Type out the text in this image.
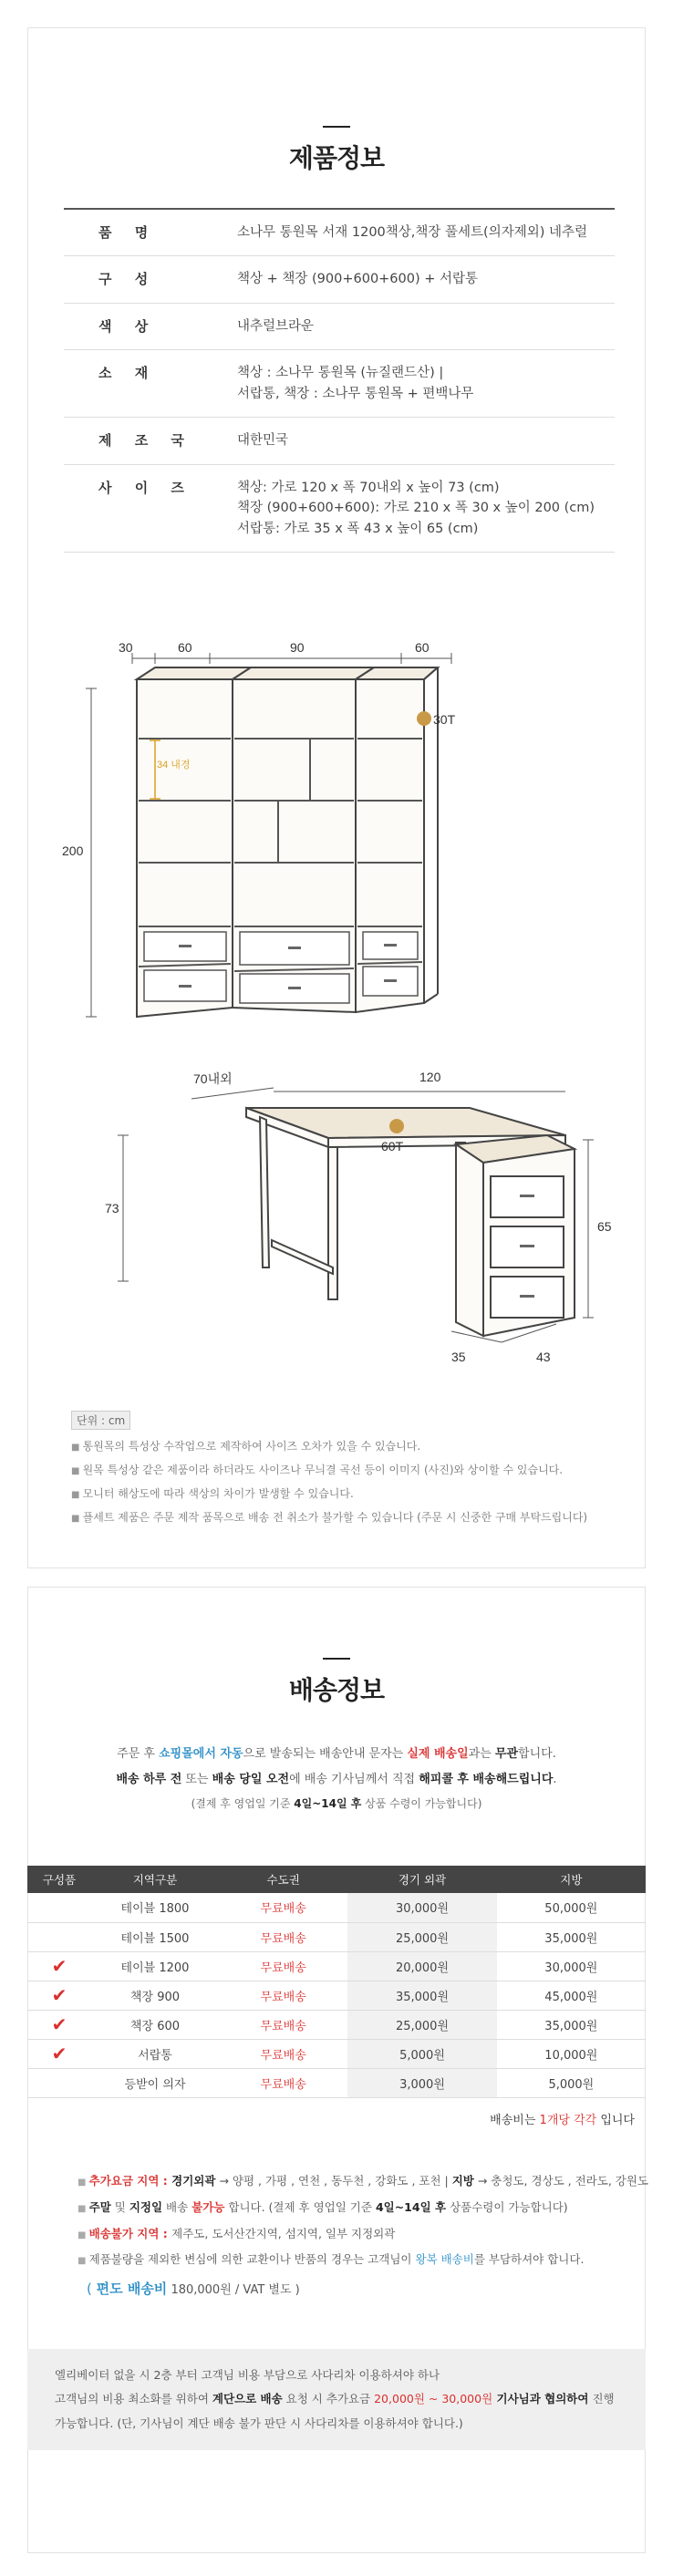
제품정보
품 명	소나무 통원목 서재 1200책상,책장 풀세트(의자제외) 네추럴
구 성	책상 + 책장 (900+600+600) + 서랍통
색 상	내추럴브라운
소 재	책상 : 소나무 통원목 (뉴질랜드산) |
서랍통, 책장 : 소나무 통원목 + 편백나무
제 조 국	대한민국
사 이 즈	책상: 가로 120 x 폭 70내외 x 높이 73 (cm)
책장 (900+600+600): 가로 210 x 폭 30 x 높이 200 (cm)
서랍통: 가로 35 x 폭 43 x 높이 65 (cm)
30	60	90	60
200
34 내경
30T
70내외	120
73
65
35	43
60T
단위 : cm
■ 통원목의 특성상 수작업으로 제작하여 사이즈 오차가 있을 수 있습니다.
■ 원목 특성상 같은 제품이라 하더라도 사이즈나 무늬결 곡선 등이 이미지 (사진)와 상이할 수 있습니다.
■ 모니터 해상도에 따라 색상의 차이가 발생할 수 있습니다.
■ 플세트 제품은 주문 제작 품목으로 배송 전 취소가 불가할 수 있습니다 (주문 시 신중한 구매 부탁드립니다)
배송정보
주문 후 쇼핑몰에서 자동으로 발송되는 배송안내 문자는 실제 배송일과는 무관합니다.
배송 하루 전 또는 배송 당일 오전에 배송 기사님께서 직접 해피콜 후 배송해드립니다.
(결제 후 영업일 기준 4일~14일 후 상품 수령이 가능합니다)
구성품	지역구분	수도권	경기 외곽	지방
	테이블 1800	무료배송	30,000원	50,000원
	테이블 1500	무료배송	25,000원	35,000원
✔	테이블 1200	무료배송	20,000원	30,000원
✔	책장 900	무료배송	35,000원	45,000원
✔	책장 600	무료배송	25,000원	35,000원
✔	서랍통	무료배송	5,000원	10,000원
	등받이 의자	무료배송	3,000원	5,000원
배송비는 1개당 각각 입니다
■ 추가요금 지역 : 경기외곽 → 양평 , 가평 , 연천 , 동두천 , 강화도 , 포천 | 지방 → 충청도, 경상도 , 전라도, 강원도
■ 주말 및 지정일 배송 불가능 합니다. (결제 후 영업일 기준 4일~14일 후 상품수령이 가능합니다)
■ 배송불가 지역 : 제주도, 도서산간지역, 섬지역, 일부 지정외곽
■ 제품불량을 제외한 변심에 의한 교환이나 반품의 경우는 고객님이 왕복 배송비를 부담하셔야 합니다.
( 편도 배송비 180,000원 / VAT 별도 )
엘리베이터 없을 시 2층 부터 고객님 비용 부담으로 사다리차 이용하셔야 하나
고객님의 비용 최소화를 위하여 계단으로 배송 요청 시 추가요금 20,000원 ~ 30,000원 기사님과 협의하여 진행
가능합니다. (단, 기사님이 계단 배송 불가 판단 시 사다리차를 이용하셔야 합니다.)
